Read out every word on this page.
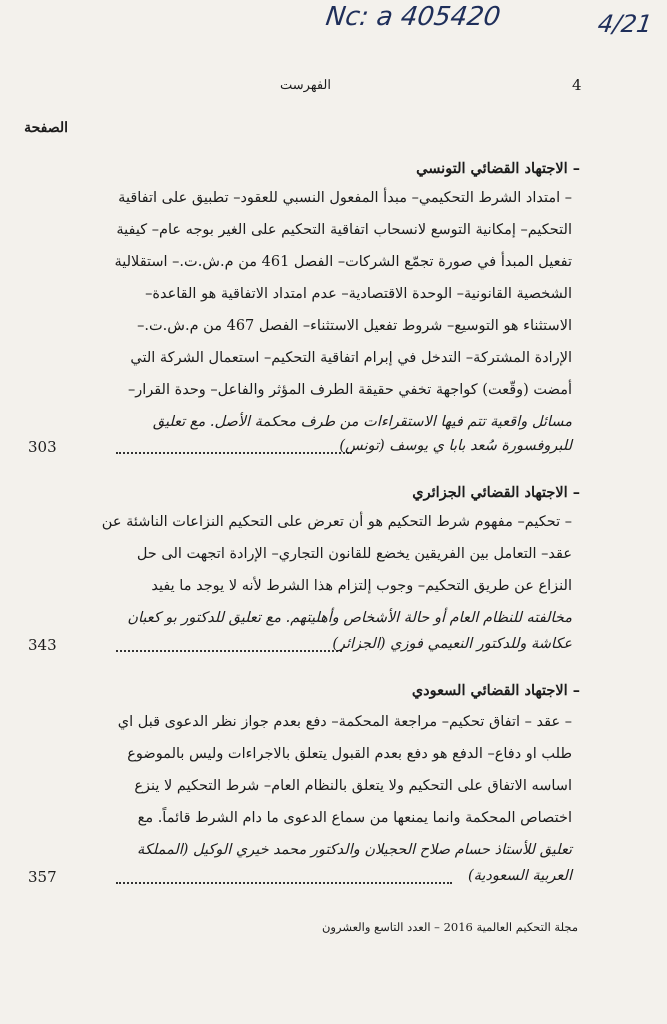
Nc: a 405420	4/21
الفهرست	4
الصفحة
– الاجتهاد القضائي التونسي
– امتداد الشرط التحكيمي– مبدأ المفعول النسبي للعقود– تطبيق على اتفاقية
التحكيم– إمكانية التوسع لانسحاب اتفاقية التحكيم على الغير بوجه عام– كيفية
تفعيل المبدأ في صورة تجمّع الشركات– الفصل 461 من م.ش.ت.– استقلالية
الشخصية القانونية– الوحدة الاقتصادية– عدم امتداد الاتفاقية هو القاعدة–
الاستثناء هو التوسيع– شروط تفعيل الاستثناء– الفصل 467 من م.ش.ت.–
الإرادة المشتركة– التدخل في إبرام اتفاقية التحكيم– استعمال الشركة التي
أمضت (وقّعت) كواجهة تخفي حقيقة الطرف المؤثر والفاعل– وحدة القرار–
مسائل واقعية تتم فيها الاستقراءات من طرف محكمة الأصل. مع تعليق
303	للبروفسورة سُعد بابا ي يوسف (تونس)
– الاجتهاد القضائي الجزائري
– تحكيم– مفهوم شرط التحكيم هو أن تعرض على التحكيم النزاعات الناشئة عن
عقد– التعامل بين الفريقين يخضع للقانون التجاري– الإرادة اتجهت الى حل
النزاع عن طريق التحكيم– وجوب إلتزام هذا الشرط لأنه لا يوجد ما يفيد
مخالفته للنظام العام أو حالة الأشخاص وأهليتهم. مع تعليق للدكتور بو كعبان
343	عكاشة وللدكتور النعيمي فوزي (الجزائر)
– الاجتهاد القضائي السعودي
– عقد – اتفاق تحكيم– مراجعة المحكمة– دفع بعدم جواز نظر الدعوى قبل اي
طلب او دفاع– الدفع هو دفع بعدم القبول يتعلق بالاجراءات وليس بالموضوع
اساسه الاتفاق على التحكيم ولا يتعلق بالنظام العام– شرط التحكيم لا ينزع
اختصاص المحكمة وانما يمنعها من سماع الدعوى ما دام الشرط قائماً. مع
تعليق للأستاذ حسام صلاح الحجيلان والدكتور محمد خيري الوكيل (المملكة
357	العربية السعودية)
مجلة التحكيم العالمية 2016 – العدد التاسع والعشرون
